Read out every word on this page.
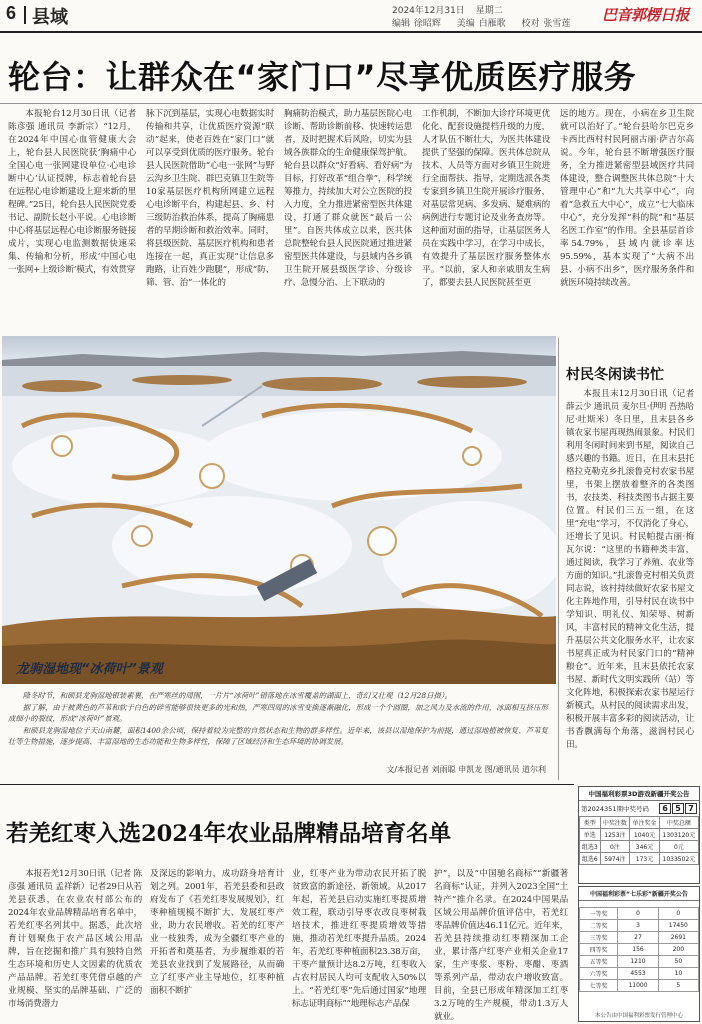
6 县域	2024年12月31日 星期二
编辑 徐昭辉 美编 白雁歌 校对 张雪莲 巴音郭楞日报
轮台：让群众在“家门口”尽享优质医疗服务

本报轮台12月30日讯（记者 陈彦强 通讯员 李新宗）“12月，在2024年中国心血管健康大会上，轮台县人民医院获‘胸痛中心全国心电一张网建设单位·心电诊断中心’认证授牌，标志着轮台县在远程心电诊断建设上迎来新的里程碑。”25日，轮台县人民医院党委书记、副院长赵小平说。心电诊断中心将基层远程心电诊断服务链接成片，实现心电监测数据快速采集、传输和分析，形成‘中国心电一张网+上级诊断’模式，有效贯穿

脉下沉到基层，实现心电数据实时传输和共享，让优质医疗资源“联动”起来，使老百姓在“家门口”就可以享受到优质的医疗服务。轮台县人民医院借助“心电一张网”与野云沟乡卫生院、群巴克镇卫生院等10家基层医疗机构所网建立远程心电诊断平台，构建起县、乡、村三级防治救治体系，提高了胸痛患者的早期诊断和救治效率。同时，将县级医院、基层医疗机构和患者连接在一起，真正实现“让信息多跑路，让百姓少跑腿”，形成“防、筛、管、治”一体化的

胸痛防治模式，助力基层医院心电诊断、帮助诊断前移、快速转运患者，及时把握术后风险，切实为县域各族群众的生命健康保驾护航。轮台县以群众“好看病、看好病”为目标，打好改革“组合拳”，科学统筹推力，持续加大对公立医院的投入力度，全力推进紧密型医共体建设，打通了群众就医“最后一公里”。自医共体成立以来，医共体总院整轮台县人民医院通过推进紧密型医共体建设，与县域内各乡镇卫生院开展县级医学诊、分级诊疗、急慢分治、上下联动的

工作机制，不断加大诊疗环境更优化化、配套设施提档升级的力度，人才队伍不断壮大，为医共体建设提供了坚强的保障。医共体总院从技术、人员等方面对乡镇卫生院进行全面帮扶、指导，定期选派各类专家到乡镇卫生院开展诊疗服务，对基层常见病、多发病、疑难病的病例进行专题讨论及业务查房等。这种面对面的指导，让基层医务人员在实践中学习，在学习中成长，有效提升了基层医疗服务整体水平。“以前，家人和亲戚朋友生病了，都要去县人民医院甚至更

远的地方。现在，小病在乡卫生院就可以治好了。”轮台县哈尔巴克乡卡西比西村村民阿丽古丽·萨吉尔高说。今年，轮台县不断增强医疗服务，全力推进紧密型县域医疗共同体建设，整合调整医共体总院“十大管理中心”和“九大共享中心”，向着“急救五大中心”，成立“七大临床中心”，充分发挥“科的院”和“基层名医工作室”的作用。全县基层首诊率54.79%，县域内就诊率达95.59%，基本实现了“大病不出县、小病不出乡”，医疗服务条件和就医环境持续改善。

龙驹湿地现“冰荷叶”景观
隆冬时节，和硕县龙驹湿地银装素裹，在严寒丝的周围，一片片“冰荷叶”错落地在冰雪覆盖的湖面上，奇幻又壮观（12月28日摄）。
据了解，由于被黄色的芦苇和软于白色的碎雪能够很快更多的光和热，严寒四周的冰雪变换逐渐融化，形成一个个圆圈，加之风力及水流的作用，冰面相互挤压形成细小的裂纹，形成“冰荷叶”景观。
和硕县龙驹湿地位于天山南麓，面积1400余公顷，保持着较为完整的自然状态和生物的群多样性。近年来，该县以湿地保护为前提，通过湿地植被恢复、芦苇复壮等生物措施，逐步提高、丰富湿地的生态功能和生物多样性，保障了区域经济和生态环境的协调发展。
文/本报记者 刘雨聪 申凯龙 图/通讯员 道尔利
村民冬闲读书忙

本报且末12月30日讯（记者 薛云少 通讯员 麦尔旦·伊明 吾热哈尼·吐斯米）冬日里，且末县各乡镇农家书屋再现热闹景象。村民们利用冬闲时间来到书屋，阅读自己感兴趣的书籍。近日，在且末县托格拉克勒克乡扎滚鲁克村农家书屋里，书架上摆放着整齐的各类图书，农技类、科技类图书占据主要位置。村民们三五一组，在这里“充电”学习，不仅消化了身心，还增长了见识。村民帕提古丽·梅瓦尔说：“这里的书籍种类丰富，通过阅读，我学习了养殖、农业等方面的知识。”扎滚鲁克村相关负责同志说，该村持续做好农家书屋文化主阵地作用，引导村民在读书中学知识、明礼仪、知荣辱、树新风，丰富村民的精神文化生活，提升基层公共文化服务水平，让农家书屋真正成为村民家门口的“精神粮仓”。近年来，且末县依托农家书屋、新时代文明实践所（站）等文化阵地，积极探索农家书屋运行新模式，从村民的阅读需求出发，积极开展丰富多彩的阅读活动，让书香飘满每个角落，滋润村民心田。

若羌红枣入选2024年农业品牌精品培育名单

本报若羌12月30日讯（记者 陈彦强 通讯员 孟祥新）记者29日从若羌县获悉，在农业农村部公布的2024年农业品牌精品培育名单中，若羌红枣名列其中。据悉，此次培育计划聚焦于农产品区域公用品牌，旨在挖掘和推广具有独特自然生态环境和历史人文因素的优质农产品品牌。若羌红枣凭借卓越的产业规模、坚实的品牌基础、广泛的市场消费潜力

及深远的影响力，成功跻身培育计划之列。2001年，若羌县委和县政府发布了《若羌红枣发展规划》，红枣种植规模不断扩大、发展红枣产业，助力农民增收。若羌的红枣产业一枝独秀，成为全疆红枣产业的开拓者和奠基者，为步履维艰的若羌县农业找到了发展路径，从而确立了红枣产业主导地位，红枣种植面积不断扩

业，红枣产业为带动农民开拓了脱贫致富的新途径、新领域。从2017年起，若羌县启动实施红枣提质增效工程，联动引导枣农改良枣树栽培技术，推进红枣提质增效等措施，推动若羌红枣提升品质。2024年，若羌红枣种植面积23.38万亩，干枣产量预计达8.2万吨，红枣收入占农村居民人均可支配收入50%以上。“若羌红枣”先后通过国家“地理标志证明商标”“地理标志产品保

护”，以及“中国驰名商标”“新疆著名商标”认证，并列入2023全国“土特产”推介名录。在2024中国果品区域公用品牌价值评估中，若羌红枣品牌价值达46.11亿元。近年来，若羌县持续推动红枣精深加工企业，累计落户红枣产业相关企业17家，生产枣浆、枣粉、枣醋、枣酒等系列产品，带动农户增收致富。目前，全县已形成年精深加工红枣3.2万吨的生产规模，带动1.3万人就业。

中国福利彩票3D游戏新疆开奖公告
第2024351期中奖号码	6 5 7
类型	中奖注数	单注奖金	中奖总额
单选	1253注	1040元	1303120元
组选3	0注	346元	0元
组选6	5974注	173元	1033502元
中国福利彩票“七乐彩”新疆开奖公告
一等奖	0	0
二等奖	3	17450
三等奖	27	2691
四等奖	156	200
五等奖	1210	50
六等奖	4553	10
七等奖	11000	5
本公告由中国福利彩票发行管理中心
